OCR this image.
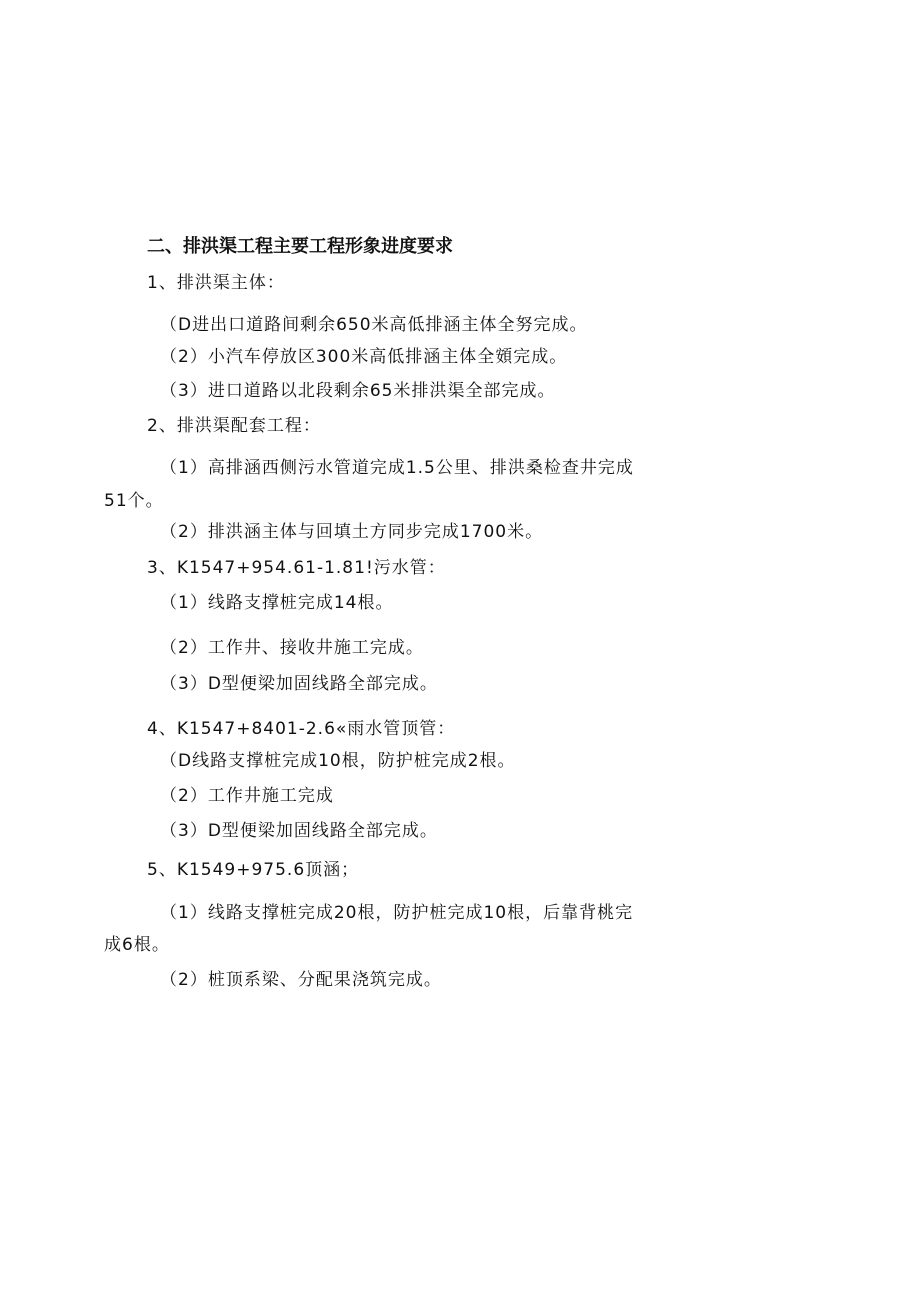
二、排洪渠工程主要工程形象进度要求
1、排洪渠主体：
（D进出口道路间剩余650米高低排涵主体全努完成。
（2）小汽车停放区300米高低排涵主体全頞完成。
（3）进口道路以北段剩余65米排洪渠全部完成。
2、排洪渠配套工程：
（1）高排涵西侧污水管道完成1.5公里、排洪桑检查井完成
51个。
（2）排洪涵主体与回填土方同步完成1700米。
3、K1547+954.61-1.81!污水管：
（1）线路支撑桩完成14根。
（2）工作井、接收井施工完成。
（3）D型便梁加固线路全部完成。
4、K1547+8401-2.6«雨水管顶管：
（D线路支撑桩完成10根，防护桩完成2根。
（2）工作井施工完成
（3）D型便梁加固线路全部完成。
5、K1549+975.6顶涵；
（1）线路支撑桩完成20根，防护桩完成10根，后靠背桃完
成6根。
（2）桩顶系梁、分配果浇筑完成。
